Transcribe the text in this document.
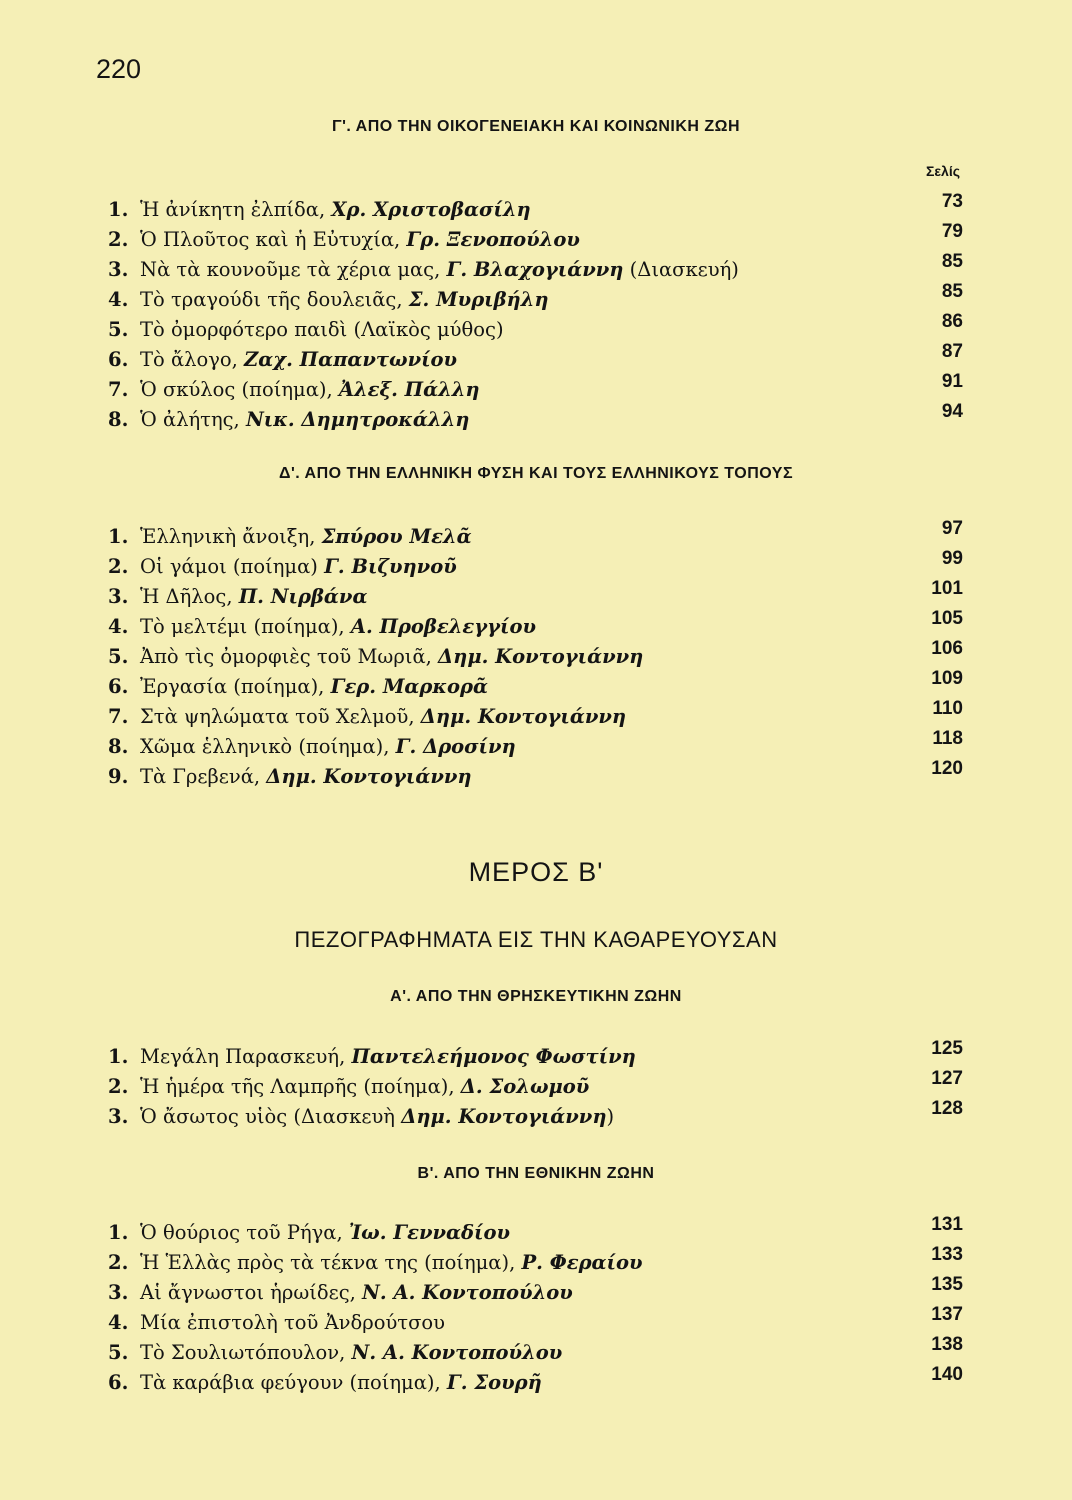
220
Γ'. ΑΠΟ ΤΗΝ ΟΙΚΟΓΕΝΕΙΑΚΗ ΚΑΙ ΚΟΙΝΩΝΙΚΗ ΖΩΗ
Σελίς
1. Ἡ ἀνίκητη ἐλπίδα, Χρ. Χριστοβασίλη	73
2. Ὁ Πλοῦτος καὶ ἡ Εὐτυχία, Γρ. Ξενοπούλου	79
3. Νὰ τὰ κουνοῦμε τὰ χέρια μας, Γ. Βλαχογιάννη (Διασκευή)	85
4. Τὸ τραγούδι τῆς δουλειᾶς, Σ. Μυριβήλη	85
5. Τὸ ὀμορφότερο παιδὶ (Λαϊκὸς μύθος)	86
6. Τὸ ἄλογο, Ζαχ. Παπαντωνίου	87
7. Ὁ σκύλος (ποίημα), Ἀλεξ. Πάλλη	91
8. Ὁ ἀλήτης, Νικ. Δημητροκάλλη	94
Δ'. ΑΠΟ ΤΗΝ ΕΛΛΗΝΙΚΗ ΦΥΣΗ ΚΑΙ ΤΟΥΣ ΕΛΛΗΝΙΚΟΥΣ ΤΟΠΟΥΣ
1. Ἑλληνικὴ ἄνοιξη, Σπύρου Μελᾶ	97
2. Οἱ γάμοι (ποίημα) Γ. Βιζυηνοῦ	99
3. Ἡ Δῆλος, Π. Νιρβάνα	101
4. Τὸ μελτέμι (ποίημα), Α. Προβελεγγίου	105
5. Ἀπὸ τὶς ὀμορφιὲς τοῦ Μωριᾶ, Δημ. Κοντογιάννη	106
6. Ἐργασία (ποίημα), Γερ. Μαρκορᾶ	109
7. Στὰ ψηλώματα τοῦ Χελμοῦ, Δημ. Κοντογιάννη	110
8. Χῶμα ἑλληνικὸ (ποίημα), Γ. Δροσίνη	118
9. Τὰ Γρεβενά, Δημ. Κοντογιάννη	120
ΜΕΡΟΣ Β'
ΠΕΖΟΓΡΑΦΗΜΑΤΑ ΕΙΣ ΤΗΝ ΚΑΘΑΡΕΥΟΥΣΑΝ
Α'. ΑΠΟ ΤΗΝ ΘΡΗΣΚΕΥΤΙΚΗΝ ΖΩΗΝ
1. Μεγάλη Παρασκευή, Παντελεήμονος Φωστίνη	125
2. Ἡ ἡμέρα τῆς Λαμπρῆς (ποίημα), Δ. Σολωμοῦ	127
3. Ὁ ἄσωτος υἱὸς (Διασκευὴ Δημ. Κοντογιάννη)	128
Β'. ΑΠΟ ΤΗΝ ΕΘΝΙΚΗΝ ΖΩΗΝ
1. Ὁ θούριος τοῦ Ρήγα, Ἰω. Γενναδίου	131
2. Ἡ Ἑλλὰς πρὸς τὰ τέκνα της (ποίημα), Ρ. Φεραίου	133
3. Αἱ ἄγνωστοι ἡρωίδες, Ν. Α. Κοντοπούλου	135
4. Μία ἐπιστολὴ τοῦ Ἀνδρούτσου	137
5. Τὸ Σουλιωτόπουλον, Ν. Α. Κοντοπούλου	138
6. Τὰ καράβια φεύγουν (ποίημα), Γ. Σουρῆ	140
